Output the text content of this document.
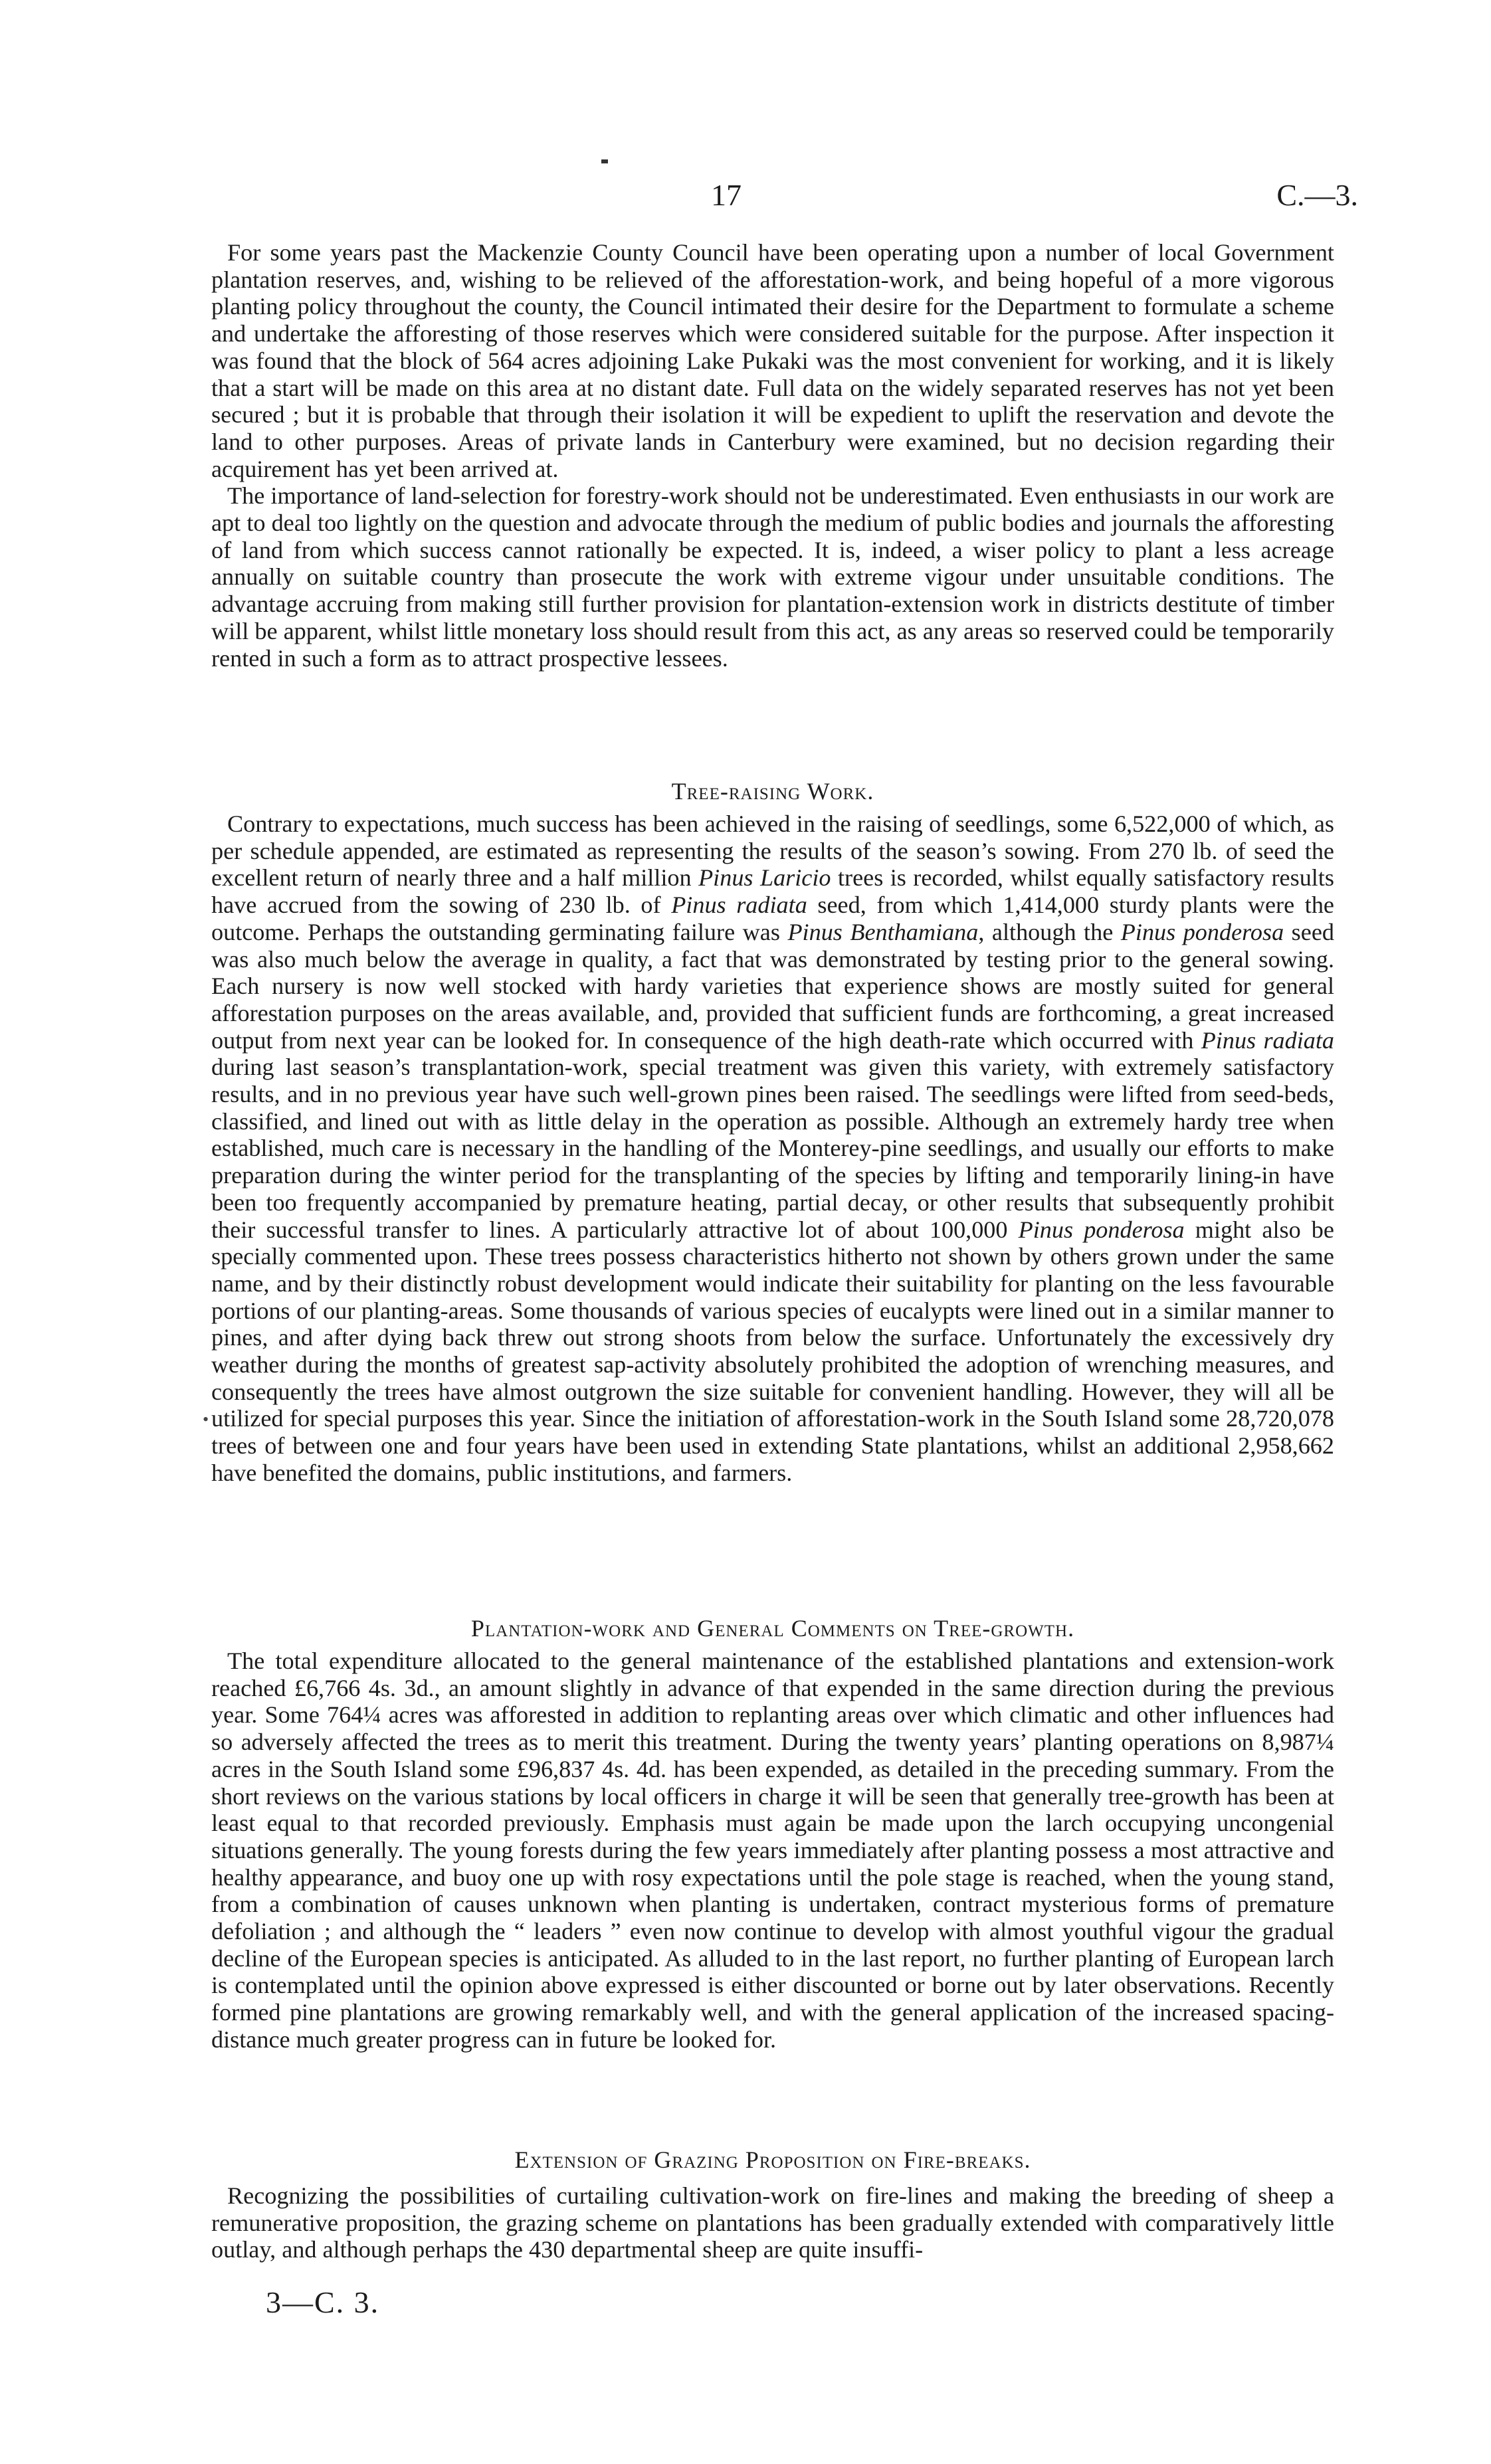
17	C.—3.

For some years past the Mackenzie County Council have been operating upon a number of local Government plantation reserves, and, wishing to be relieved of the afforestation-work, and being hopeful of a more vigorous planting policy throughout the county, the Council intimated their desire for the Department to formulate a scheme and undertake the afforesting of those reserves which were considered suitable for the purpose. After inspection it was found that the block of 564 acres adjoining Lake Pukaki was the most convenient for working, and it is likely that a start will be made on this area at no distant date. Full data on the widely separated reserves has not yet been secured ; but it is probable that through their isolation it will be expedient to uplift the reservation and devote the land to other purposes. Areas of private lands in Canterbury were examined, but no decision regarding their acquirement has yet been arrived at.

The importance of land-selection for forestry-work should not be underestimated. Even enthusiasts in our work are apt to deal too lightly on the question and advocate through the medium of public bodies and journals the afforesting of land from which success cannot rationally be expected. It is, indeed, a wiser policy to plant a less acreage annually on suitable country than prosecute the work with extreme vigour under unsuitable conditions. The advantage accruing from making still further provision for plantation-extension work in districts destitute of timber will be apparent, whilst little monetary loss should result from this act, as any areas so reserved could be temporarily rented in such a form as to attract prospective lessees.

Tree-raising Work.

Contrary to expectations, much success has been achieved in the raising of seedlings, some 6,522,000 of which, as per schedule appended, are estimated as representing the results of the season’s sowing. From 270 lb. of seed the excellent return of nearly three and a half million Pinus Laricio trees is recorded, whilst equally satisfactory results have accrued from the sowing of 230 lb. of Pinus radiata seed, from which 1,414,000 sturdy plants were the outcome. Perhaps the outstanding germinating failure was Pinus Benthamiana, although the Pinus ponderosa seed was also much below the average in quality, a fact that was demonstrated by testing prior to the general sowing. Each nursery is now well stocked with hardy varieties that experience shows are mostly suited for general afforestation purposes on the areas available, and, provided that sufficient funds are forthcoming, a great increased output from next year can be looked for. In consequence of the high death-rate which occurred with Pinus radiata during last season’s transplantation-work, special treatment was given this variety, with extremely satisfactory results, and in no previous year have such well-grown pines been raised. The seedlings were lifted from seed-beds, classified, and lined out with as little delay in the operation as possible. Although an extremely hardy tree when established, much care is necessary in the handling of the Monterey-pine seedlings, and usually our efforts to make preparation during the winter period for the transplanting of the species by lifting and temporarily lining-in have been too frequently accompanied by premature heating, partial decay, or other results that subsequently prohibit their successful transfer to lines. A particularly attractive lot of about 100,000 Pinus ponderosa might also be specially commented upon. These trees possess characteristics hitherto not shown by others grown under the same name, and by their distinctly robust development would indicate their suitability for planting on the less favourable portions of our planting-areas. Some thousands of various species of eucalypts were lined out in a similar manner to pines, and after dying back threw out strong shoots from below the surface. Unfortunately the excessively dry weather during the months of greatest sap-activity absolutely prohibited the adoption of wrenching measures, and consequently the trees have almost outgrown the size suitable for convenient handling. However, they will all be utilized for special purposes this year. Since the initiation of afforestation-work in the South Island some 28,720,078 trees of between one and four years have been used in extending State plantations, whilst an additional 2,958,662 have benefited the domains, public institutions, and farmers.

•
Plantation-work and General Comments on Tree-growth.

The total expenditure allocated to the general maintenance of the established plantations and extension-work reached £6,766 4s. 3d., an amount slightly in advance of that expended in the same direction during the previous year. Some 764¼ acres was afforested in addition to replanting areas over which climatic and other influences had so adversely affected the trees as to merit this treatment. During the twenty years’ planting operations on 8,987¼ acres in the South Island some £96,837 4s. 4d. has been expended, as detailed in the preceding summary. From the short reviews on the various stations by local officers in charge it will be seen that generally tree-growth has been at least equal to that recorded previously. Emphasis must again be made upon the larch occupying uncongenial situations generally. The young forests during the few years immediately after planting possess a most attractive and healthy appearance, and buoy one up with rosy expectations until the pole stage is reached, when the young stand, from a combination of causes unknown when planting is undertaken, contract mysterious forms of premature defoliation ; and although the “ leaders ” even now continue to develop with almost youthful vigour the gradual decline of the European species is anticipated. As alluded to in the last report, no further planting of European larch is contemplated until the opinion above expressed is either discounted or borne out by later observations. Recently formed pine plantations are growing remarkably well, and with the general application of the increased spacing-distance much greater progress can in future be looked for.

Extension of Grazing Proposition on Fire-breaks.

Recognizing the possibilities of curtailing cultivation-work on fire-lines and making the breeding of sheep a remunerative proposition, the grazing scheme on plantations has been gradually extended with comparatively little outlay, and although perhaps the 430 departmental sheep are quite insuffi-

3—C. 3.
